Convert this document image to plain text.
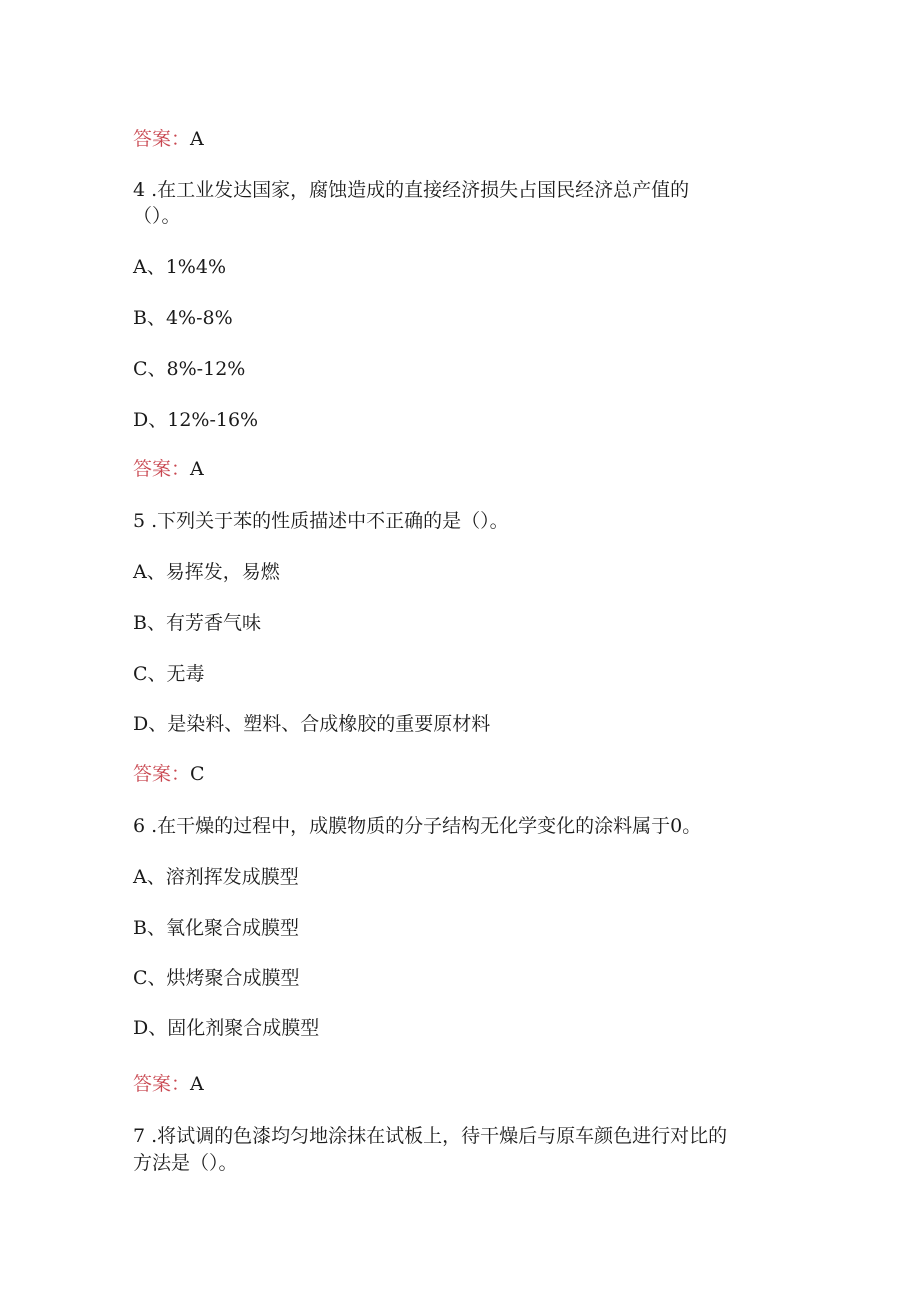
答案：A
4 .在工业发达国家，腐蚀造成的直接经济损失占国民经济总产值的
（）。
A、1%4%
B、4%-8%
C、8%-12%
D、12%-16%
答案：A
5 .下列关于苯的性质描述中不正确的是（）。
A、易挥发，易燃
B、有芳香气味
C、无毒
D、是染料、塑料、合成橡胶的重要原材料
答案：C
6 .在干燥的过程中，成膜物质的分子结构无化学变化的涂料属于0。
A、溶剂挥发成膜型
B、氧化聚合成膜型
C、烘烤聚合成膜型
D、固化剂聚合成膜型
答案：A
7 .将试调的色漆均匀地涂抹在试板上，待干燥后与原车颜色进行对比的
方法是（）。
